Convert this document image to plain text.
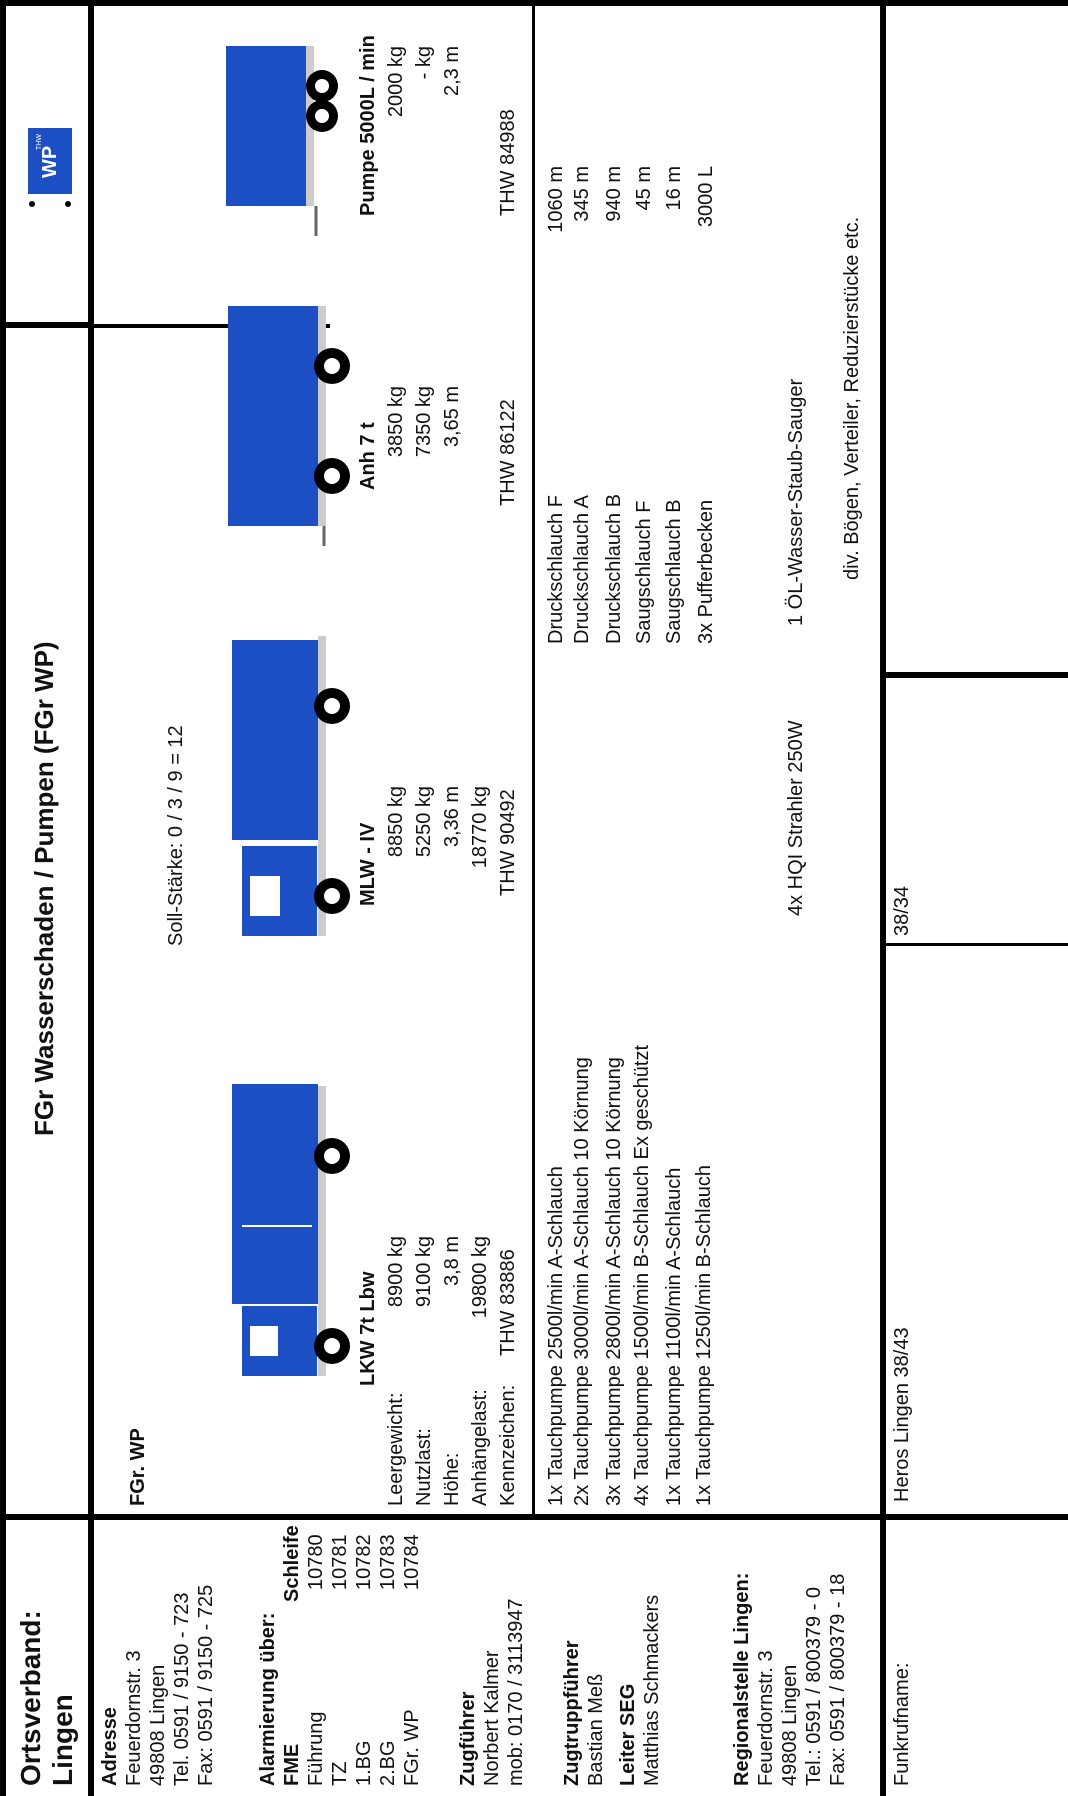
FGr Wasserschaden / Pumpen (FGr WP)
WP
THW
Ortsverband: Lingen Adresse Feuerdornstr. 3 49808 Lingen Tel. 0591 / 9150 - 723 Fax: 0591 / 9150 - 725 Alarmierung über: FME
Schleife
Führung
10780
TZ
10781
1.BG
10782
2.BG
10783
FGr. WP
10784
Zugführer Norbert Kalmer mob: 0170 / 3113947 Zugtruppführer Bastian Meß Leiter SEG Matthias Schmackers	Regionalstelle Lingen: Feuerdornstr. 3 49808 Lingen Tel.: 0591 / 800379 - 0 Fax: 0591 / 800379 - 18 Funkrufname:
FGr. WP
Soll-Stärke: 0 / 3 / 9 = 12
Leergewicht: Nutzlast: Höhe: Anhängelast: Kennzeichen:
LKW 7t Lbw 8900 kg 9100 kg 3,8 m 19800 kg THW 83886
MLW - IV
8850 kg 5250 kg 3,36 m 18770 kg THW 90492
Anh 7 t 3850 kg 7350 kg 3,65 m THW 86122
Pumpe 5000L / min 2000 kg - kg 2,3 m
THW 84988
1x Tauchpumpe 2500l/min A-Schlauch 2x Tauchpumpe 3000l/min A-Schlauch 10 Körnung 3x Tauchpumpe 2800l/min A-Schlauch 10 Körnung 4x Tauchpumpe 1500l/min B-Schlauch Ex geschützt 1x Tauchpumpe 1100l/min A-Schlauch 1x Tauchpumpe 1250l/min B-Schlauch
Druckschlauch F Druckschlauch A Druckschlauch B Saugschlauch F Saugschlauch B 3x Pufferbecken
1060 m 345 m 940 m 45 m 16 m 3000 L
4x HQI Strahler 250W
1 ÖL-Wasser-Staub-Sauger div. Bögen, Verteiler, Reduzierstücke etc.
Heros Lingen 38/43
38/34
